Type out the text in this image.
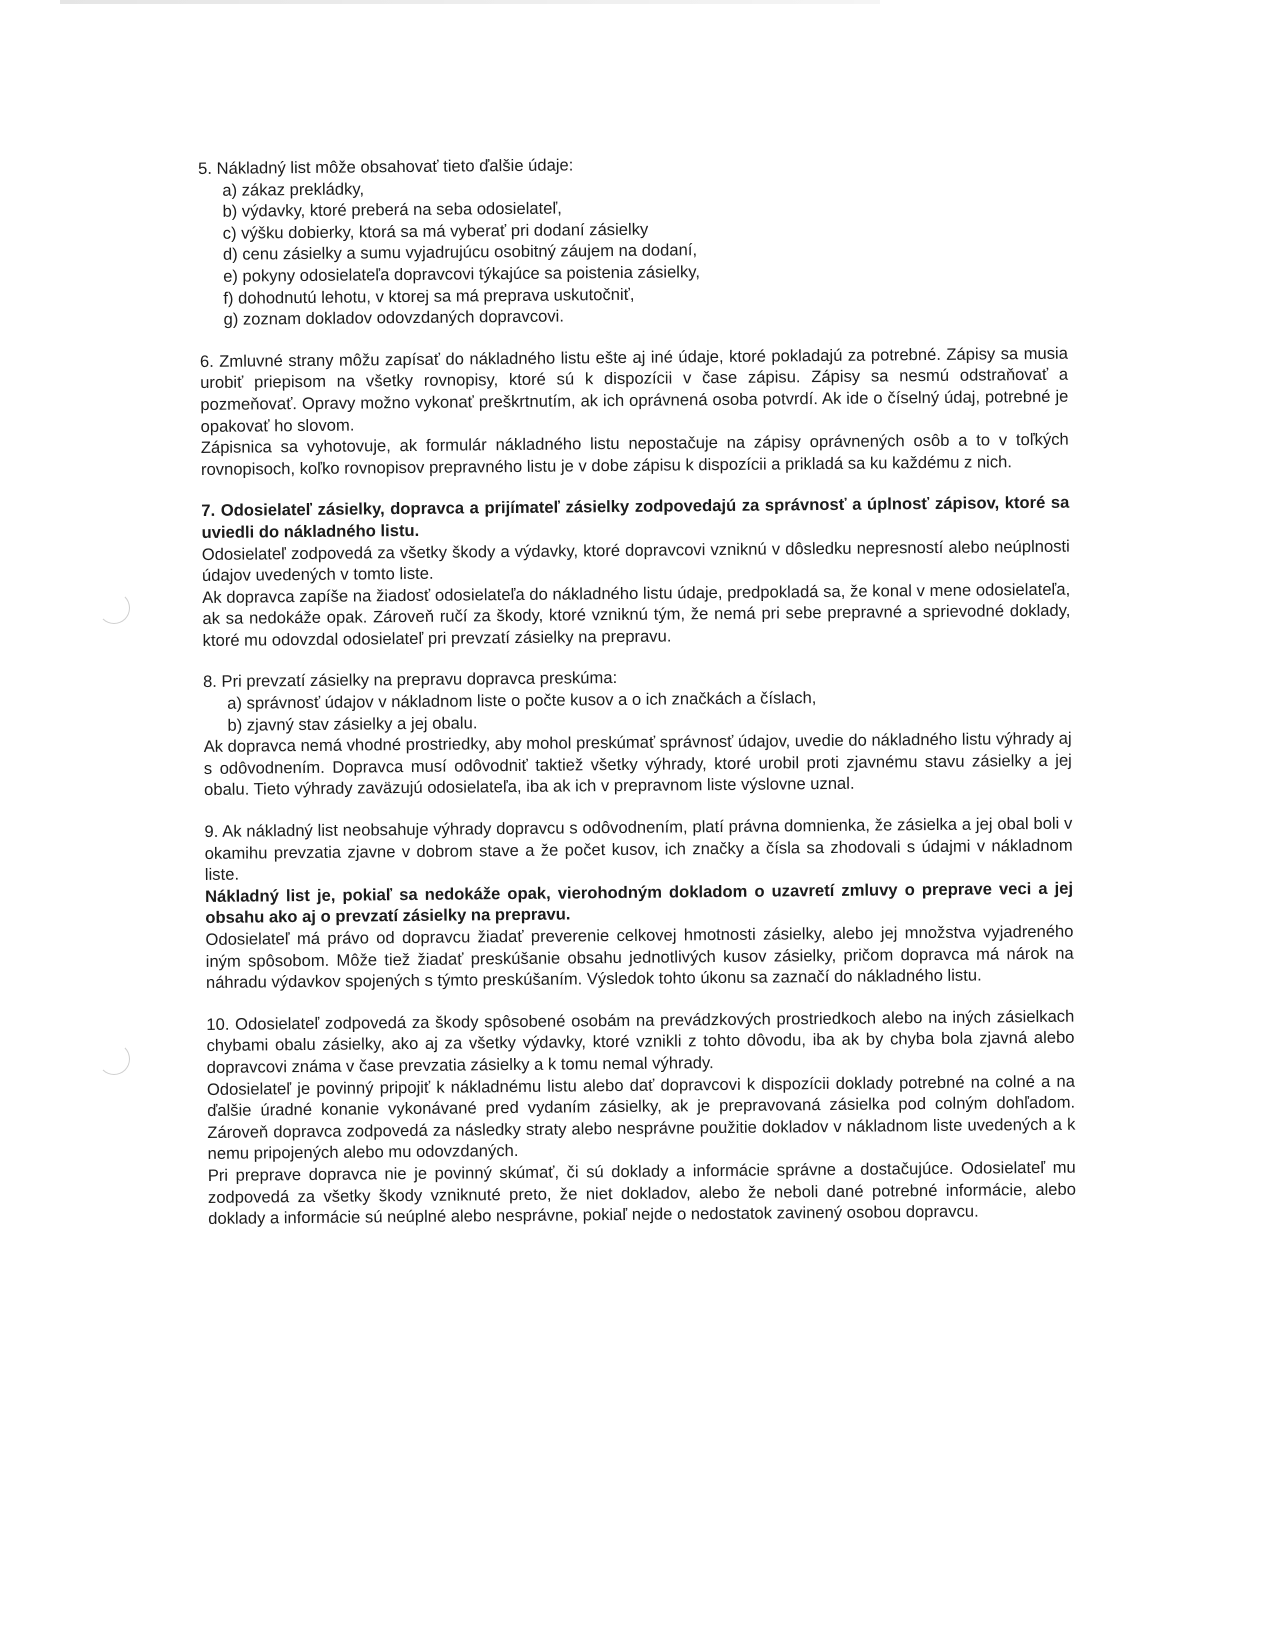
5. Nákladný list môže obsahovať tieto ďalšie údaje:

a) zákaz prekládky,
b) výdavky, ktoré preberá na seba odosielateľ,
c) výšku dobierky, ktorá sa má vyberať pri dodaní zásielky
d) cenu zásielky a sumu vyjadrujúcu osobitný záujem na dodaní,
e) pokyny odosielateľa dopravcovi týkajúce sa poistenia zásielky,
f) dohodnutú lehotu, v ktorej sa má preprava uskutočniť,
g) zoznam dokladov odovzdaných dopravcovi.

6. Zmluvné strany môžu zapísať do nákladného listu ešte aj iné údaje, ktoré pokladajú za potrebné. Zápisy sa musia urobiť priepisom na všetky rovnopisy, ktoré sú k dispozícii v čase zápisu. Zápisy sa nesmú odstraňovať a pozmeňovať. Opravy možno vykonať preškrtnutím, ak ich oprávnená osoba potvrdí. Ak ide o číselný údaj, potrebné je opakovať ho slovom.

Zápisnica sa vyhotovuje, ak formulár nákladného listu nepostačuje na zápisy oprávnených osôb a to v toľkých rovnopisoch, koľko rovnopisov prepravného listu je v dobe zápisu k dispozícii a prikladá sa ku každému z nich.

7. Odosielateľ zásielky, dopravca a prijímateľ zásielky zodpovedajú za správnosť a úplnosť zápisov, ktoré sa uviedli do nákladného listu.

Odosielateľ zodpovedá za všetky škody a výdavky, ktoré dopravcovi vzniknú v dôsledku nepresností alebo neúplnosti údajov uvedených v tomto liste.

Ak dopravca zapíše na žiadosť odosielateľa do nákladného listu údaje, predpokladá sa, že konal v mene odosielateľa, ak sa nedokáže opak. Zároveň ručí za škody, ktoré vzniknú tým, že nemá pri sebe prepravné a sprievodné doklady, ktoré mu odovzdal odosielateľ pri prevzatí zásielky na prepravu.

8. Pri prevzatí zásielky na prepravu dopravca preskúma:

a) správnosť údajov v nákladnom liste o počte kusov a o ich značkách a číslach,
b) zjavný stav zásielky a jej obalu.

Ak dopravca nemá vhodné prostriedky, aby mohol preskúmať správnosť údajov, uvedie do nákladného listu výhrady aj s odôvodnením. Dopravca musí odôvodniť taktiež všetky výhrady, ktoré urobil proti zjavnému stavu zásielky a jej obalu. Tieto výhrady zaväzujú odosielateľa, iba ak ich v prepravnom liste výslovne uznal.

9. Ak nákladný list neobsahuje výhrady dopravcu s odôvodnením, platí právna domnienka, že zásielka a jej obal boli v okamihu prevzatia zjavne v dobrom stave a že počet kusov, ich značky a čísla sa zhodovali s údajmi v nákladnom liste.

Nákladný list je, pokiaľ sa nedokáže opak, vierohodným dokladom o uzavretí zmluvy o preprave veci a jej obsahu ako aj o prevzatí zásielky na prepravu.

Odosielateľ má právo od dopravcu žiadať preverenie celkovej hmotnosti zásielky, alebo jej množstva vyjadreného iným spôsobom. Môže tiež žiadať preskúšanie obsahu jednotlivých kusov zásielky, pričom dopravca má nárok na náhradu výdavkov spojených s týmto preskúšaním. Výsledok tohto úkonu sa zaznačí do nákladného listu.

10. Odosielateľ zodpovedá za škody spôsobené osobám na prevádzkových prostriedkoch alebo na iných zásielkach chybami obalu zásielky, ako aj za všetky výdavky, ktoré vznikli z tohto dôvodu, iba ak by chyba bola zjavná alebo dopravcovi známa v čase prevzatia zásielky a k tomu nemal výhrady.

Odosielateľ je povinný pripojiť k nákladnému listu alebo dať dopravcovi k dispozícii doklady potrebné na colné a na ďalšie úradné konanie vykonávané pred vydaním zásielky, ak je prepravovaná zásielka pod colným dohľadom. Zároveň dopravca zodpovedá za následky straty alebo nesprávne použitie dokladov v nákladnom liste uvedených a k nemu pripojených alebo mu odovzdaných.

Pri preprave dopravca nie je povinný skúmať, či sú doklady a informácie správne a dostačujúce. Odosielateľ mu zodpovedá za všetky škody vzniknuté preto, že niet dokladov, alebo že neboli dané potrebné informácie, alebo doklady a informácie sú neúplné alebo nesprávne, pokiaľ nejde o nedostatok zavinený osobou dopravcu.
